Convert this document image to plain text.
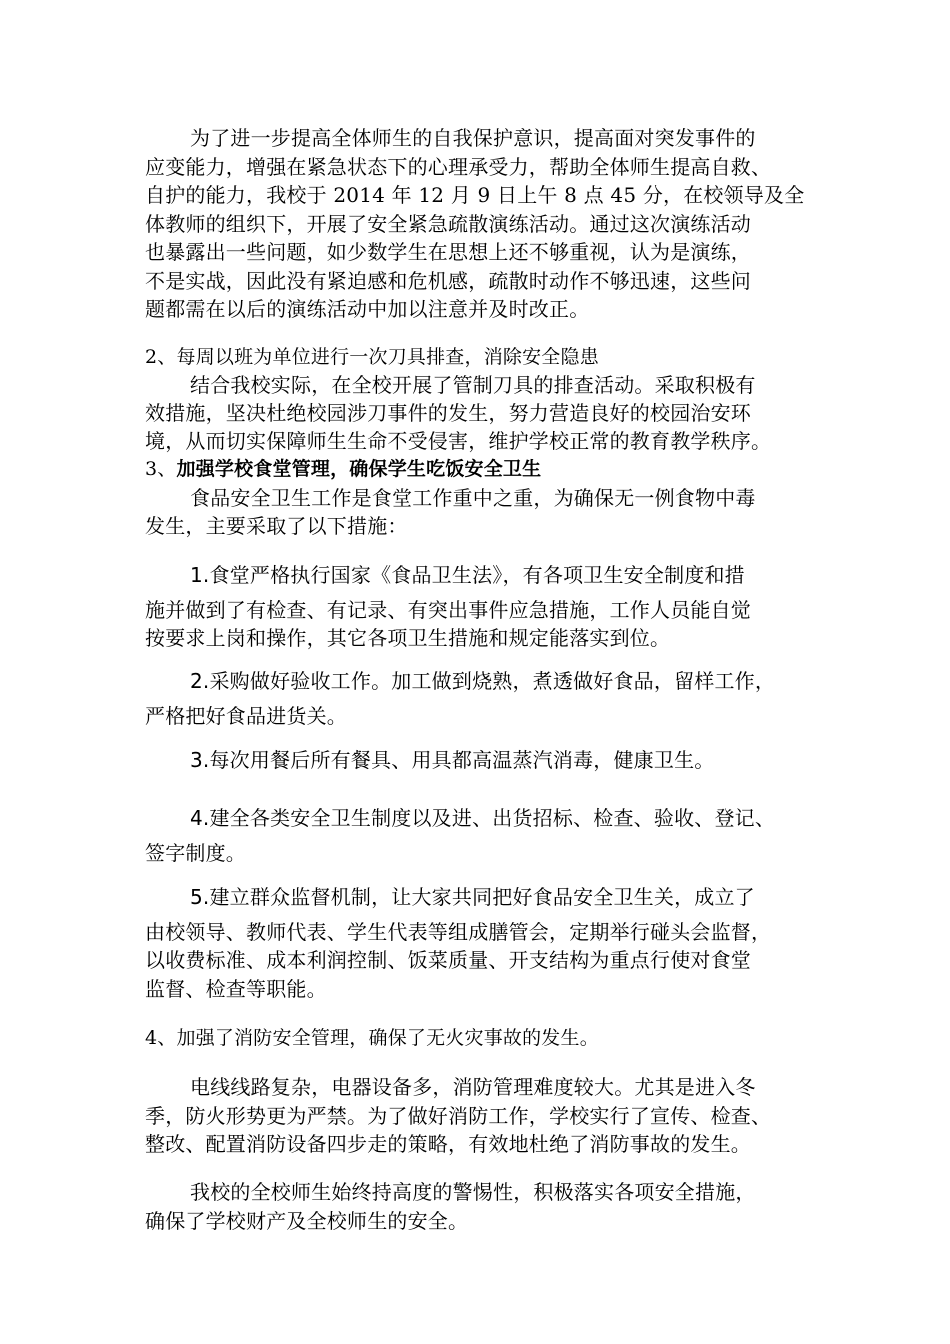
为了进一步提高全体师生的自我保护意识，提高面对突发事件的
应变能力，增强在紧急状态下的心理承受力，帮助全体师生提高自救、
自护的能力，我校于 2014 年 12 月 9 日上午 8 点 45 分，在校领导及全
体教师的组织下，开展了安全紧急疏散演练活动。通过这次演练活动
也暴露出一些问题，如少数学生在思想上还不够重视，认为是演练，
不是实战，因此没有紧迫感和危机感，疏散时动作不够迅速，这些问
题都需在以后的演练活动中加以注意并及时改正。
2、每周以班为单位进行一次刀具排查，消除安全隐患
结合我校实际，在全校开展了管制刀具的排查活动。采取积极有
效措施，坚决杜绝校园涉刀事件的发生，努力营造良好的校园治安环
境，从而切实保障师生生命不受侵害，维护学校正常的教育教学秩序。
3、加强学校食堂管理，确保学生吃饭安全卫生
食品安全卫生工作是食堂工作重中之重，为确保无一例食物中毒
发生，主要采取了以下措施：
1.食堂严格执行国家《食品卫生法》，有各项卫生安全制度和措
施并做到了有检查、有记录、有突出事件应急措施，工作人员能自觉
按要求上岗和操作，其它各项卫生措施和规定能落实到位。
2.采购做好验收工作。加工做到烧熟，煮透做好食品，留样工作，
严格把好食品进货关。
3.每次用餐后所有餐具、用具都高温蒸汽消毒，健康卫生。
4.建全各类安全卫生制度以及进、出货招标、检查、验收、登记、
签字制度。
5.建立群众监督机制，让大家共同把好食品安全卫生关，成立了
由校领导、教师代表、学生代表等组成膳管会，定期举行碰头会监督，
以收费标准、成本利润控制、饭菜质量、开支结构为重点行使对食堂
监督、检查等职能。
4、加强了消防安全管理，确保了无火灾事故的发生。
电线线路复杂，电器设备多，消防管理难度较大。尤其是进入冬
季，防火形势更为严禁。为了做好消防工作，学校实行了宣传、检查、
整改、配置消防设备四步走的策略，有效地杜绝了消防事故的发生。
我校的全校师生始终持高度的警惕性，积极落实各项安全措施，
确保了学校财产及全校师生的安全。
